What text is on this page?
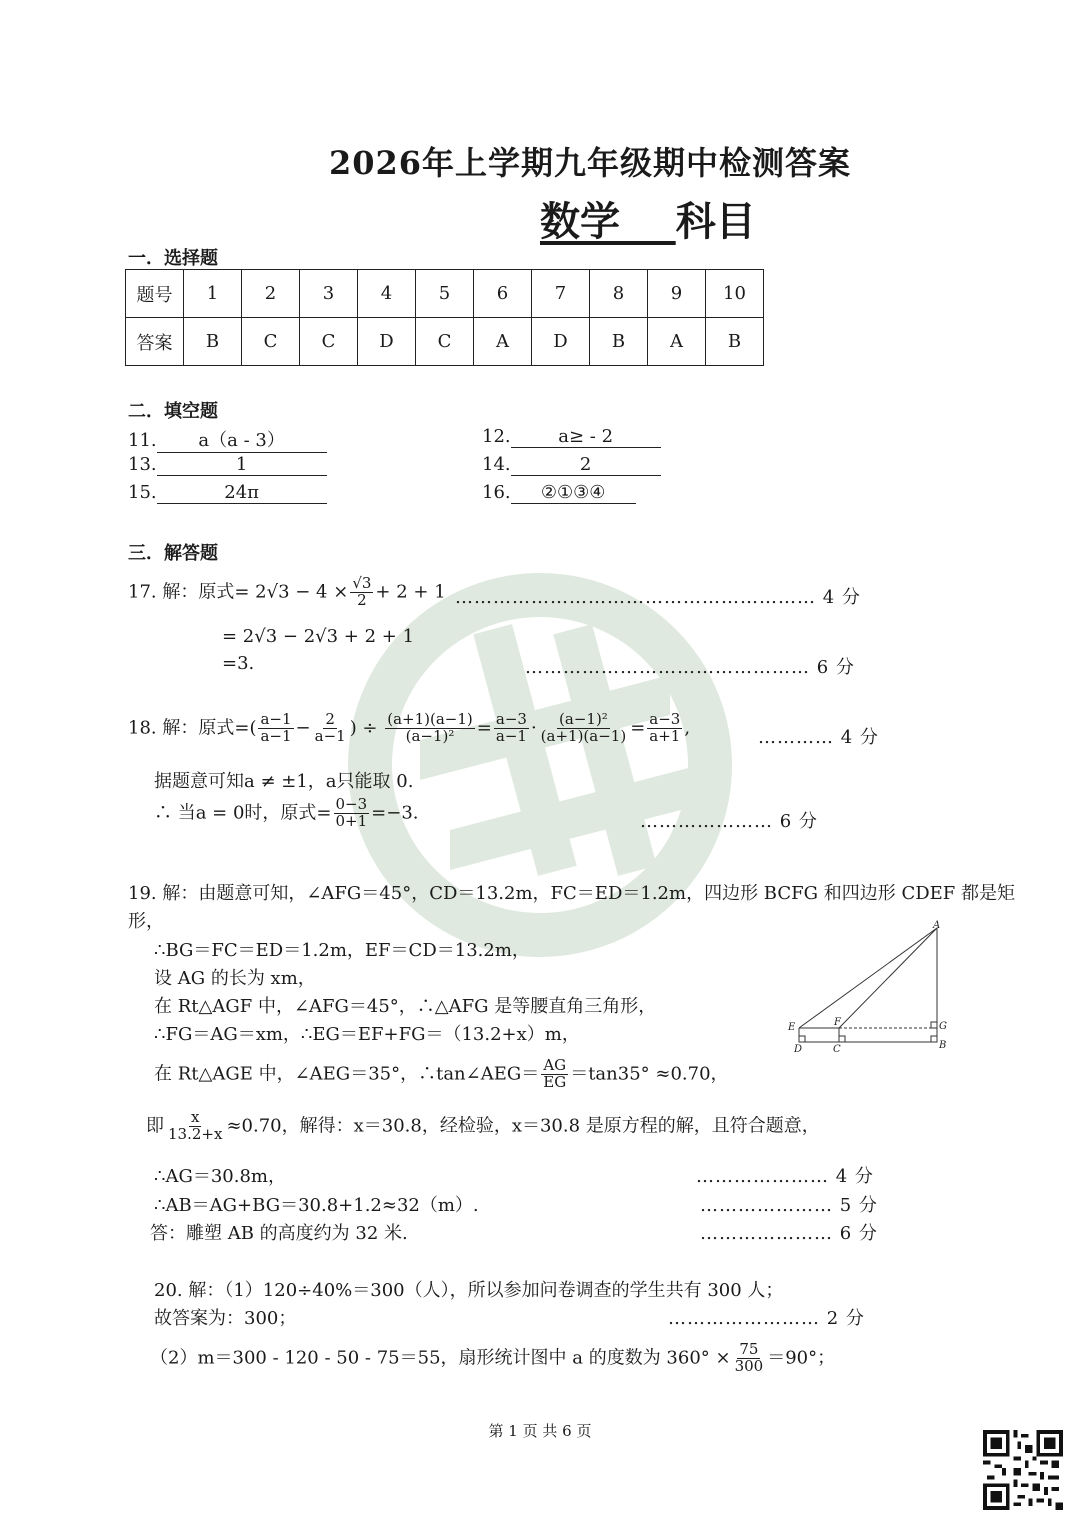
2026年上学期九年级期中检测答案
数学 科目
一．选择题
题号	1	2	3	4	5	6	7	8	9	10
答案	B	C	C	D	C	A	D	B	A	B
二．填空题
11. a（a - 3）	12.	a≥ - 2
13.	1	14.	2
15.	24π	16. ②①③④
三．解答题
17. 解：原式= $2√3 - 4 \times \frac{√3}{2} + 2 + 1$ ………………………………………………… 4 分
= 2√3 − 2√3 + 2 + 1
=3.	……………………………………… 6 分
18. 解：原式=( $\frac{a-1}{a-1} - \frac{2}{a-1}$ ) ÷ $\frac{(a+1)(a-1)}{\text{(a−1)²}} = \frac{a-3}{a-1} \cdot \frac{\text{(a−1)²}}{(a+1)(a-1)} = \frac{a-3}{a+1}$ ,	………… 4 分
据题意可知a ≠ ±1，a只能取 0.
∴ 当a = 0时，原式= $\frac{0-3}{0+1} =-3$.	………………… 6 分
19. 解：由题意可知，∠AFG＝45°，CD＝13.2m，FC＝ED＝1.2m，四边形 BCFG 和四边形 CDEF 都是矩
形，
∴BG＝FC＝ED＝1.2m，EF＝CD＝13.2m，
设 AG 的长为 xm，
在 Rt△AGF 中，∠AFG＝45°，∴△AFG 是等腰直角三角形，
∴FG＝AG＝xm，∴EG＝EF+FG＝（13.2+x）m，
在 Rt△AGE 中，∠AEG＝35°，∴tan∠AEG＝ $\frac{AG}{EG} =\tan 35^\circ \approx 0.70$，
即 $\frac{x}{13.2+x} \approx 0.70$，解得：x＝30.8，经检验，x＝30.8 是原方程的解，且符合题意，
∴AG＝30.8m，	………………… 4 分
∴AB＝AG+BG＝30.8+1.2≈32（m）.	………………… 5 分
答：雕塑 AB 的高度约为 32 米.	………………… 6 分
A
B
C
D
E	F	G
20. 解：（1）120÷40%＝300（人），所以参加问卷调查的学生共有 300 人；
故答案为：300；	…………………… 2 分
（2）m＝300 - 120 - 50 - 75＝55，扇形统计图中 a 的度数为 $360^\circ \times \frac{75}{300} =90^\circ$；
第 1 页 共 6 页
